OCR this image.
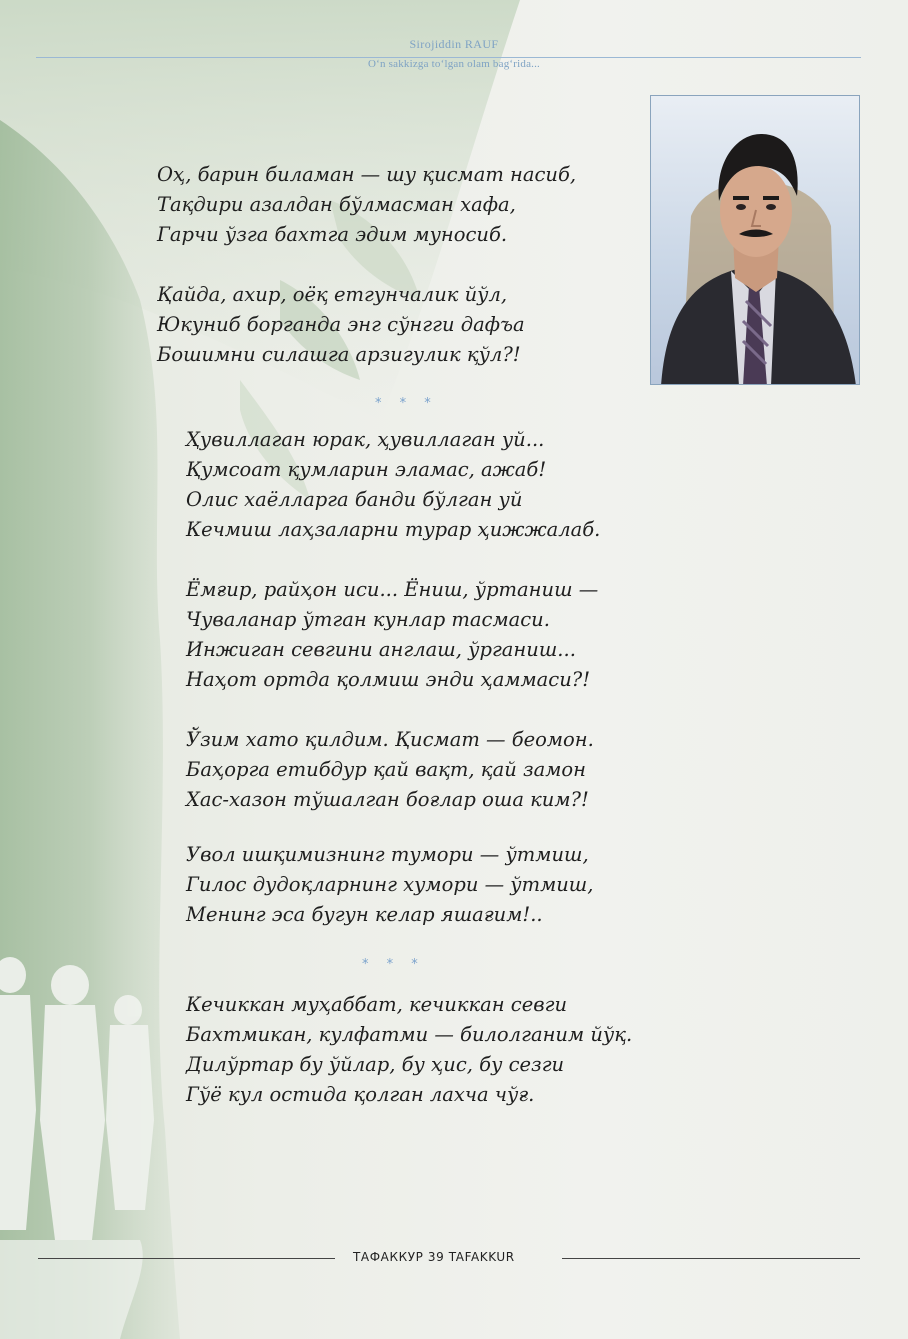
Sirojiddin RAUF
O‘n sakkizga to‘lgan olam bag‘rida...
Оҳ, барин биламан — шу қисмат насиб,
Тақдири азалдан бўлмасман хафа,
Гарчи ўзга бахтга эдим муносиб.
Қайда, ахир, оёқ етгунчалик йўл,
Юкуниб борганда энг сўнгги дафъа
Бошимни силашга арзигулик қўл?!
* * *
Ҳувиллаган юрак, ҳувиллаган уй...
Қумсоат қумларин эламас, ажаб!
Олис хаёлларга банди бўлган уй
Кечмиш лаҳзаларни турар ҳижжалаб.
Ёмғир, райҳон иси... Ёниш, ўртаниш —
Чуваланар ўтган кунлар тасмаси.
Инжиган севгини англаш, ўрганиш...
Наҳот ортда қолмиш энди ҳаммаси?!
Ўзим хато қилдим. Қисмат — беомон.
Баҳорга етибдур қай вақт, қай замон
Хас-хазон тўшалган боғлар оша ким?!
Увол ишқимизнинг тумори — ўтмиш,
Гилос дудоқларнинг хумори — ўтмиш,
Менинг эса бугун келар яшағим!..
* * *
Кечиккан муҳаббат, кечиккан севги
Бахтмикан, кулфатми — билолганим йўқ.
Дилўртар бу ўйлар, бу ҳис, бу сезги
Гўё кул остида қолган лахча чўғ.
ТАФАККУР 39 TAFAKKUR
